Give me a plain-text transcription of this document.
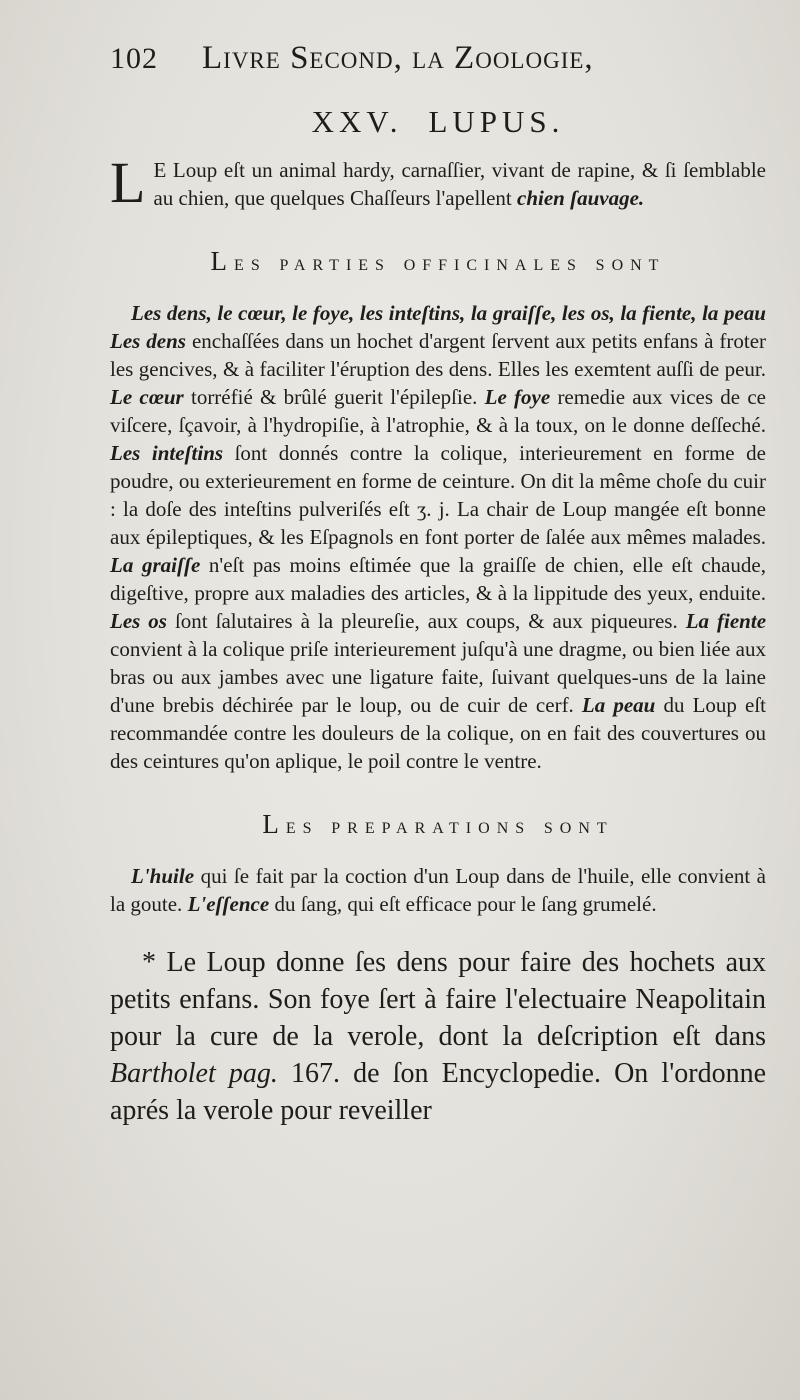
102	Livre Second, la Zoologie,
XXV. LUPUS.

L E Loup eſt un animal hardy, carnaſſier, vivant de rapine, & ſi ſemblable au chien, que quelques Chaſſeurs l'apellent chien ſauvage.

Les parties officinales sont

 Les dens, le cœur, le foye, les inteſtins, la graiſſe, les os, la fiente, la peau Les dens enchaſſées dans un hochet d'argent ſervent aux petits enfans à froter les gencives, & à faciliter l'éruption des dens. Elles les exemtent auſſi de peur. Le cœur torréfié & brûlé guerit l'épilepſie. Le foye remedie aux vices de ce viſcere, ſçavoir, à l'hydropiſie, à l'atrophie, & à la toux, on le donne deſſeché. Les inteſtins ſont donnés contre la colique, interieurement en forme de poudre, ou exterieurement en forme de ceinture. On dit la même choſe du cuir : la doſe des inteſtins pulveriſés eſt ʒ. j. La chair de Loup mangée eſt bonne aux épileptiques, & les Eſpagnols en font porter de ſalée aux mêmes malades. La graiſſe n'eſt pas moins eſtimée que la graiſſe de chien, elle eſt chaude, digeſtive, propre aux maladies des articles, & à la lippitude des yeux, enduite. Les os ſont ſalutaires à la pleureſie, aux coups, & aux piqueures. La fiente convient à la colique priſe interieurement juſqu'à une dragme, ou bien liée aux bras ou aux jambes avec une ligature faite, ſuivant quelques-uns de la laine d'une brebis déchirée par le loup, ou de cuir de cerf. La peau du Loup eſt recommandée contre les douleurs de la colique, on en fait des couvertures ou des ceintures qu'on aplique, le poil contre le ventre.

Les preparations sont

 L'huile qui ſe fait par la coction d'un Loup dans de l'huile, elle convient à la goute. L'eſſence du ſang, qui eſt efficace pour le ſang grumelé.

* Le Loup donne ſes dens pour faire des hochets aux petits enfans. Son foye ſert à faire l'electuaire Neapolitain pour la cure de la verole, dont la deſcription eſt dans Bartholet pag. 167. de ſon Encyclopedie. On l'ordonne aprés la verole pour reveiller
